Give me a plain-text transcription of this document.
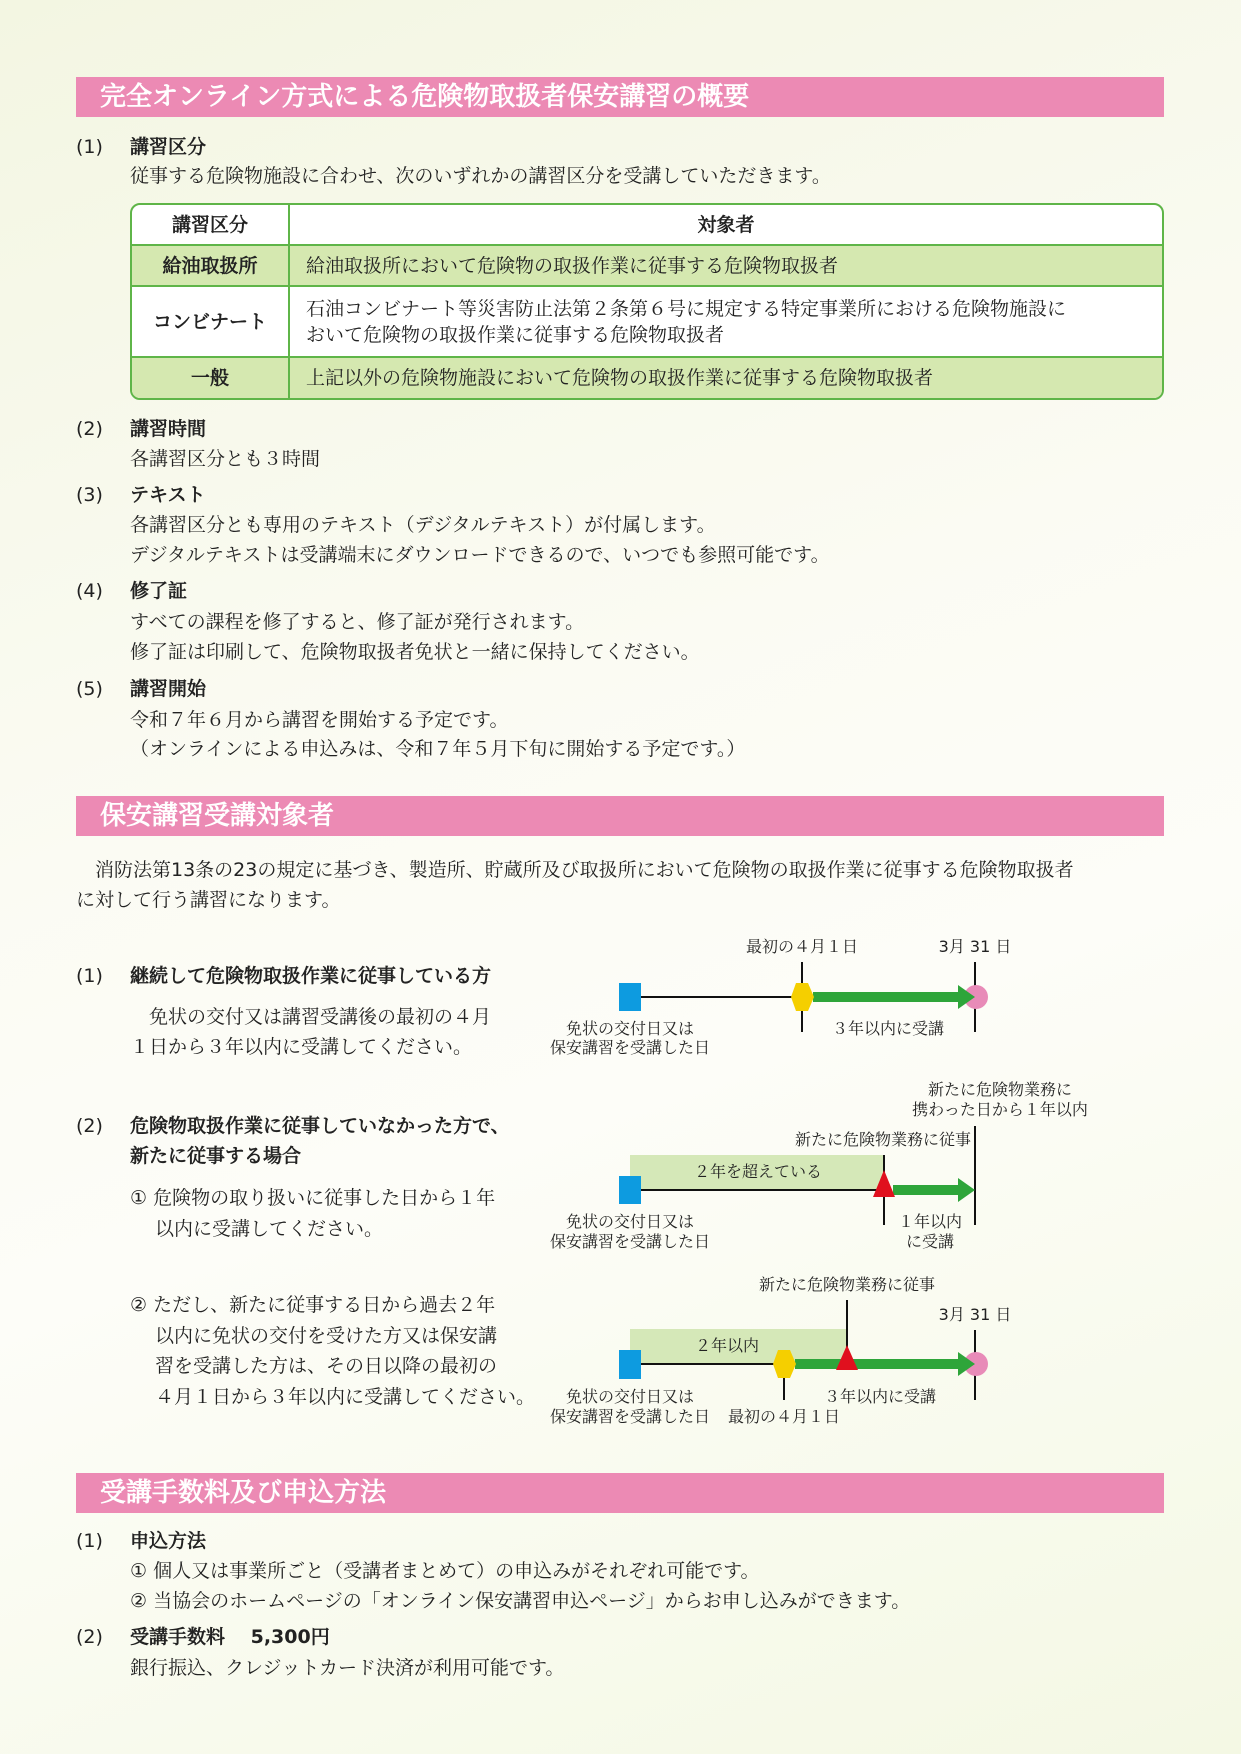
完全オンライン方式による危険物取扱者保安講習の概要
(1) 講習区分
従事する危険物施設に合わせ、次のいずれかの講習区分を受講していただきます。
講習区分	対象者
給油取扱所	給油取扱所において危険物の取扱作業に従事する危険物取扱者
コンビナート	石油コンビナート等災害防止法第２条第６号に規定する特定事業所における危険物施設に
おいて危険物の取扱作業に従事する危険物取扱者

一般	上記以外の危険物施設において危険物の取扱作業に従事する危険物取扱者
(2) 講習時間
各講習区分とも３時間
(3) テキスト
各講習区分とも専用のテキスト（デジタルテキスト）が付属します。
デジタルテキストは受講端末にダウンロードできるので、いつでも参照可能です。
(4) 修了証
すべての課程を修了すると、修了証が発行されます。
修了証は印刷して、危険物取扱者免状と一緒に保持してください。
(5) 講習開始
令和７年６月から講習を開始する予定です。
（オンラインによる申込みは、令和７年５月下旬に開始する予定です。）
保安講習受講対象者
　消防法第13条の23の規定に基づき、製造所、貯蔵所及び取扱所において危険物の取扱作業に従事する危険物取扱者
に対して行う講習になります。
(1) 継続して危険物取扱作業に従事している方
　免状の交付又は講習受講後の最初の４月
１日から３年以内に受講してください。
(2) 危険物取扱作業に従事していなかった方で、
新たに従事する場合
① 危険物の取り扱いに従事した日から１年
　 以内に受講してください。
② ただし、新たに従事する日から過去２年
　 以内に免状の交付を受けた方又は保安講
　 習を受講した方は、その日以降の最初の
　 ４月１日から３年以内に受講してください。
最初の４月１日	3月 31 日
３年以内に受講
免状の交付日又は
保安講習を受講した日
２年を超えている
新たに危険物業務に従事
新たに危険物業務に
携わった日から１年以内
１年以内
に受講
免状の交付日又は
保安講習を受講した日
２年以内
新たに危険物業務に従事
3月 31 日
３年以内に受講
最初の４月１日
免状の交付日又は
保安講習を受講した日
受講手数料及び申込方法
(1) 申込方法
① 個人又は事業所ごと（受講者まとめて）の申込みがそれぞれ可能です。
② 当協会のホームページの「オンライン保安講習申込ページ」からお申し込みができます。
(2) 受講手数料　 5,300円
銀行振込、クレジットカード決済が利用可能です。
